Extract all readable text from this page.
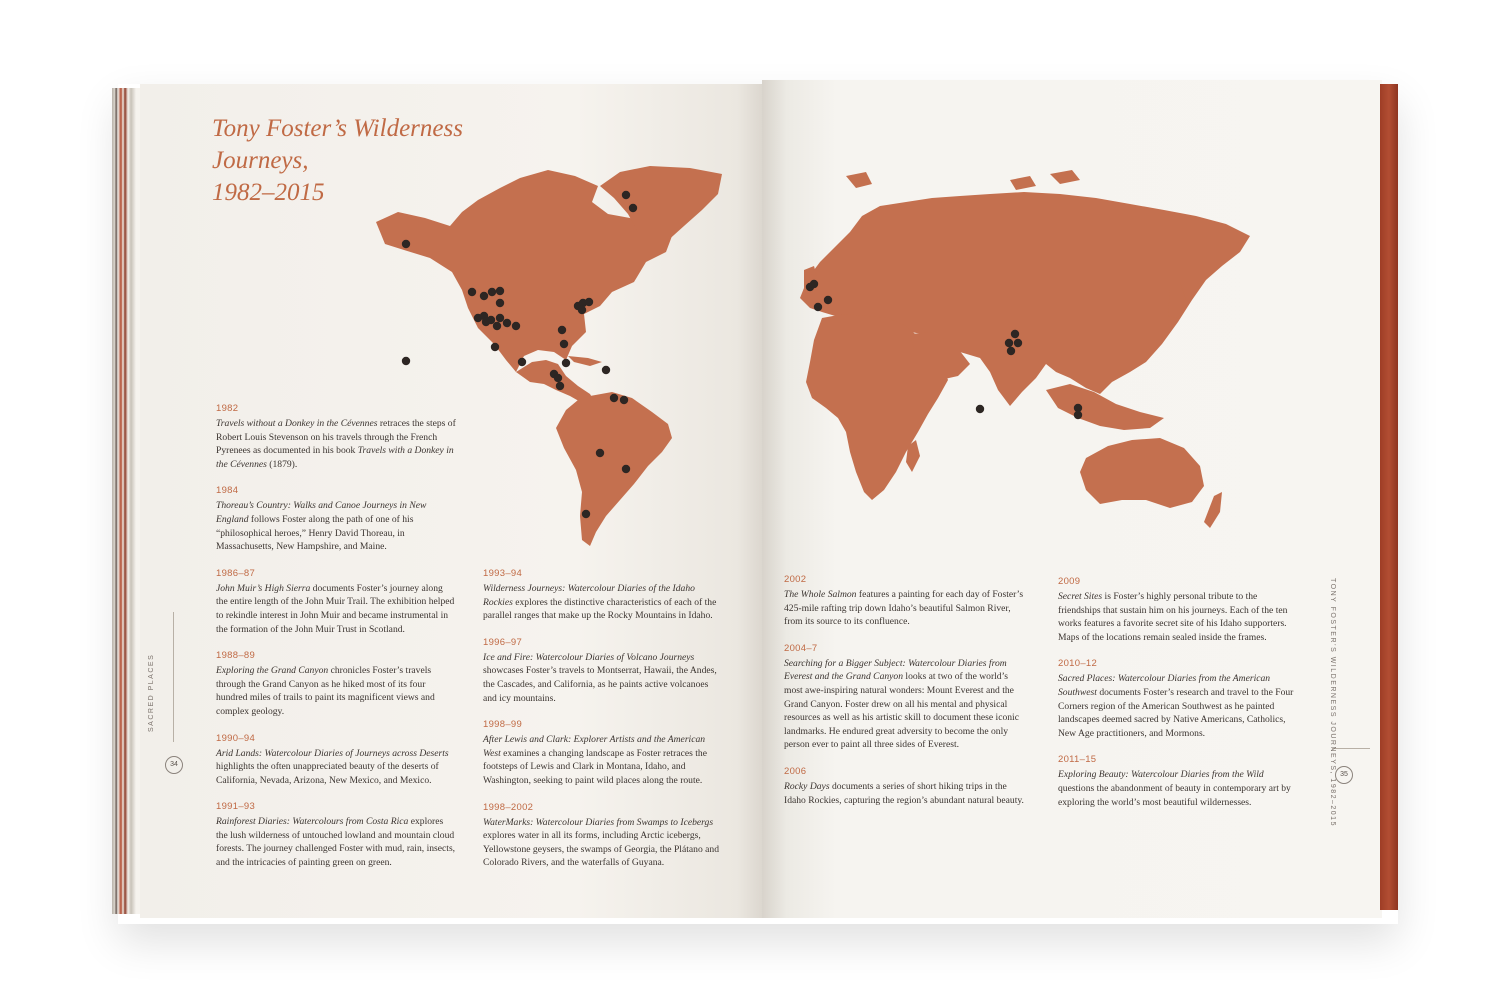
Tony Foster’s Wilderness Journeys,
1982–2015
1982
Travels without a Donkey in the Cévennes retraces the steps of Robert Louis Stevenson on his travels through the French Pyrenees as documented in his book Travels with a Donkey in the Cévennes (1879).
1984
Thoreau’s Country: Walks and Canoe Journeys in New England follows Foster along the path of one of his “philosophical heroes,” Henry David Thoreau, in Massachusetts, New Hampshire, and Maine.
1986–87
John Muir’s High Sierra documents Foster’s journey along the entire length of the John Muir Trail. The exhibition helped to rekindle interest in John Muir and became instrumental in the formation of the John Muir Trust in Scotland.
1988–89
Exploring the Grand Canyon chronicles Foster’s travels through the Grand Canyon as he hiked most of its four hundred miles of trails to paint its magnificent views and complex geology.
1990–94
Arid Lands: Watercolour Diaries of Journeys across Deserts highlights the often unappreciated beauty of the deserts of California, Nevada, Arizona, New Mexico, and Mexico.
1991–93
Rainforest Diaries: Watercolours from Costa Rica explores the lush wilderness of untouched lowland and mountain cloud forests. The journey challenged Foster with mud, rain, insects, and the intricacies of painting green on green.
1993–94
Wilderness Journeys: Watercolour Diaries of the Idaho Rockies explores the distinctive characteristics of each of the parallel ranges that make up the Rocky Mountains in Idaho.
1996–97
Ice and Fire: Watercolour Diaries of Volcano Journeys showcases Foster’s travels to Montserrat, Hawaii, the Andes, the Cascades, and California, as he paints active volcanoes and icy mountains.
1998–99
After Lewis and Clark: Explorer Artists and the American West examines a changing landscape as Foster retraces the footsteps of Lewis and Clark in Montana, Idaho, and Washington, seeking to paint wild places along the route.
1998–2002
WaterMarks: Watercolour Diaries from Swamps to Icebergs explores water in all its forms, including Arctic icebergs, Yellowstone geysers, the swamps of Georgia, the Plátano and Colorado Rivers, and the waterfalls of Guyana.
2002
The Whole Salmon features a painting for each day of Foster’s 425-mile rafting trip down Idaho’s beautiful Salmon River, from its source to its confluence.
2004–7
Searching for a Bigger Subject: Watercolour Diaries from Everest and the Grand Canyon looks at two of the world’s most awe-inspiring natural wonders: Mount Everest and the Grand Canyon. Foster drew on all his mental and physical resources as well as his artistic skill to document these iconic landmarks. He endured great adversity to become the only person ever to paint all three sides of Everest.
2006
Rocky Days documents a series of short hiking trips in the Idaho Rockies, capturing the region’s abundant natural beauty.
2009
Secret Sites is Foster’s highly personal tribute to the friendships that sustain him on his journeys. Each of the ten works features a favorite secret site of his Idaho supporters. Maps of the locations remain sealed inside the frames.
2010–12
Sacred Places: Watercolour Diaries from the American Southwest documents Foster’s research and travel to the Four Corners region of the American Southwest as he painted landscapes deemed sacred by Native Americans, Catholics, New Age practitioners, and Mormons.
2011–15
Exploring Beauty: Watercolour Diaries from the Wild questions the abandonment of beauty in contemporary art by exploring the world’s most beautiful wildernesses.
SACRED PLACES
34	TONY FOSTER’S WILDERNESS JOURNEYS, 1982–2015 35
